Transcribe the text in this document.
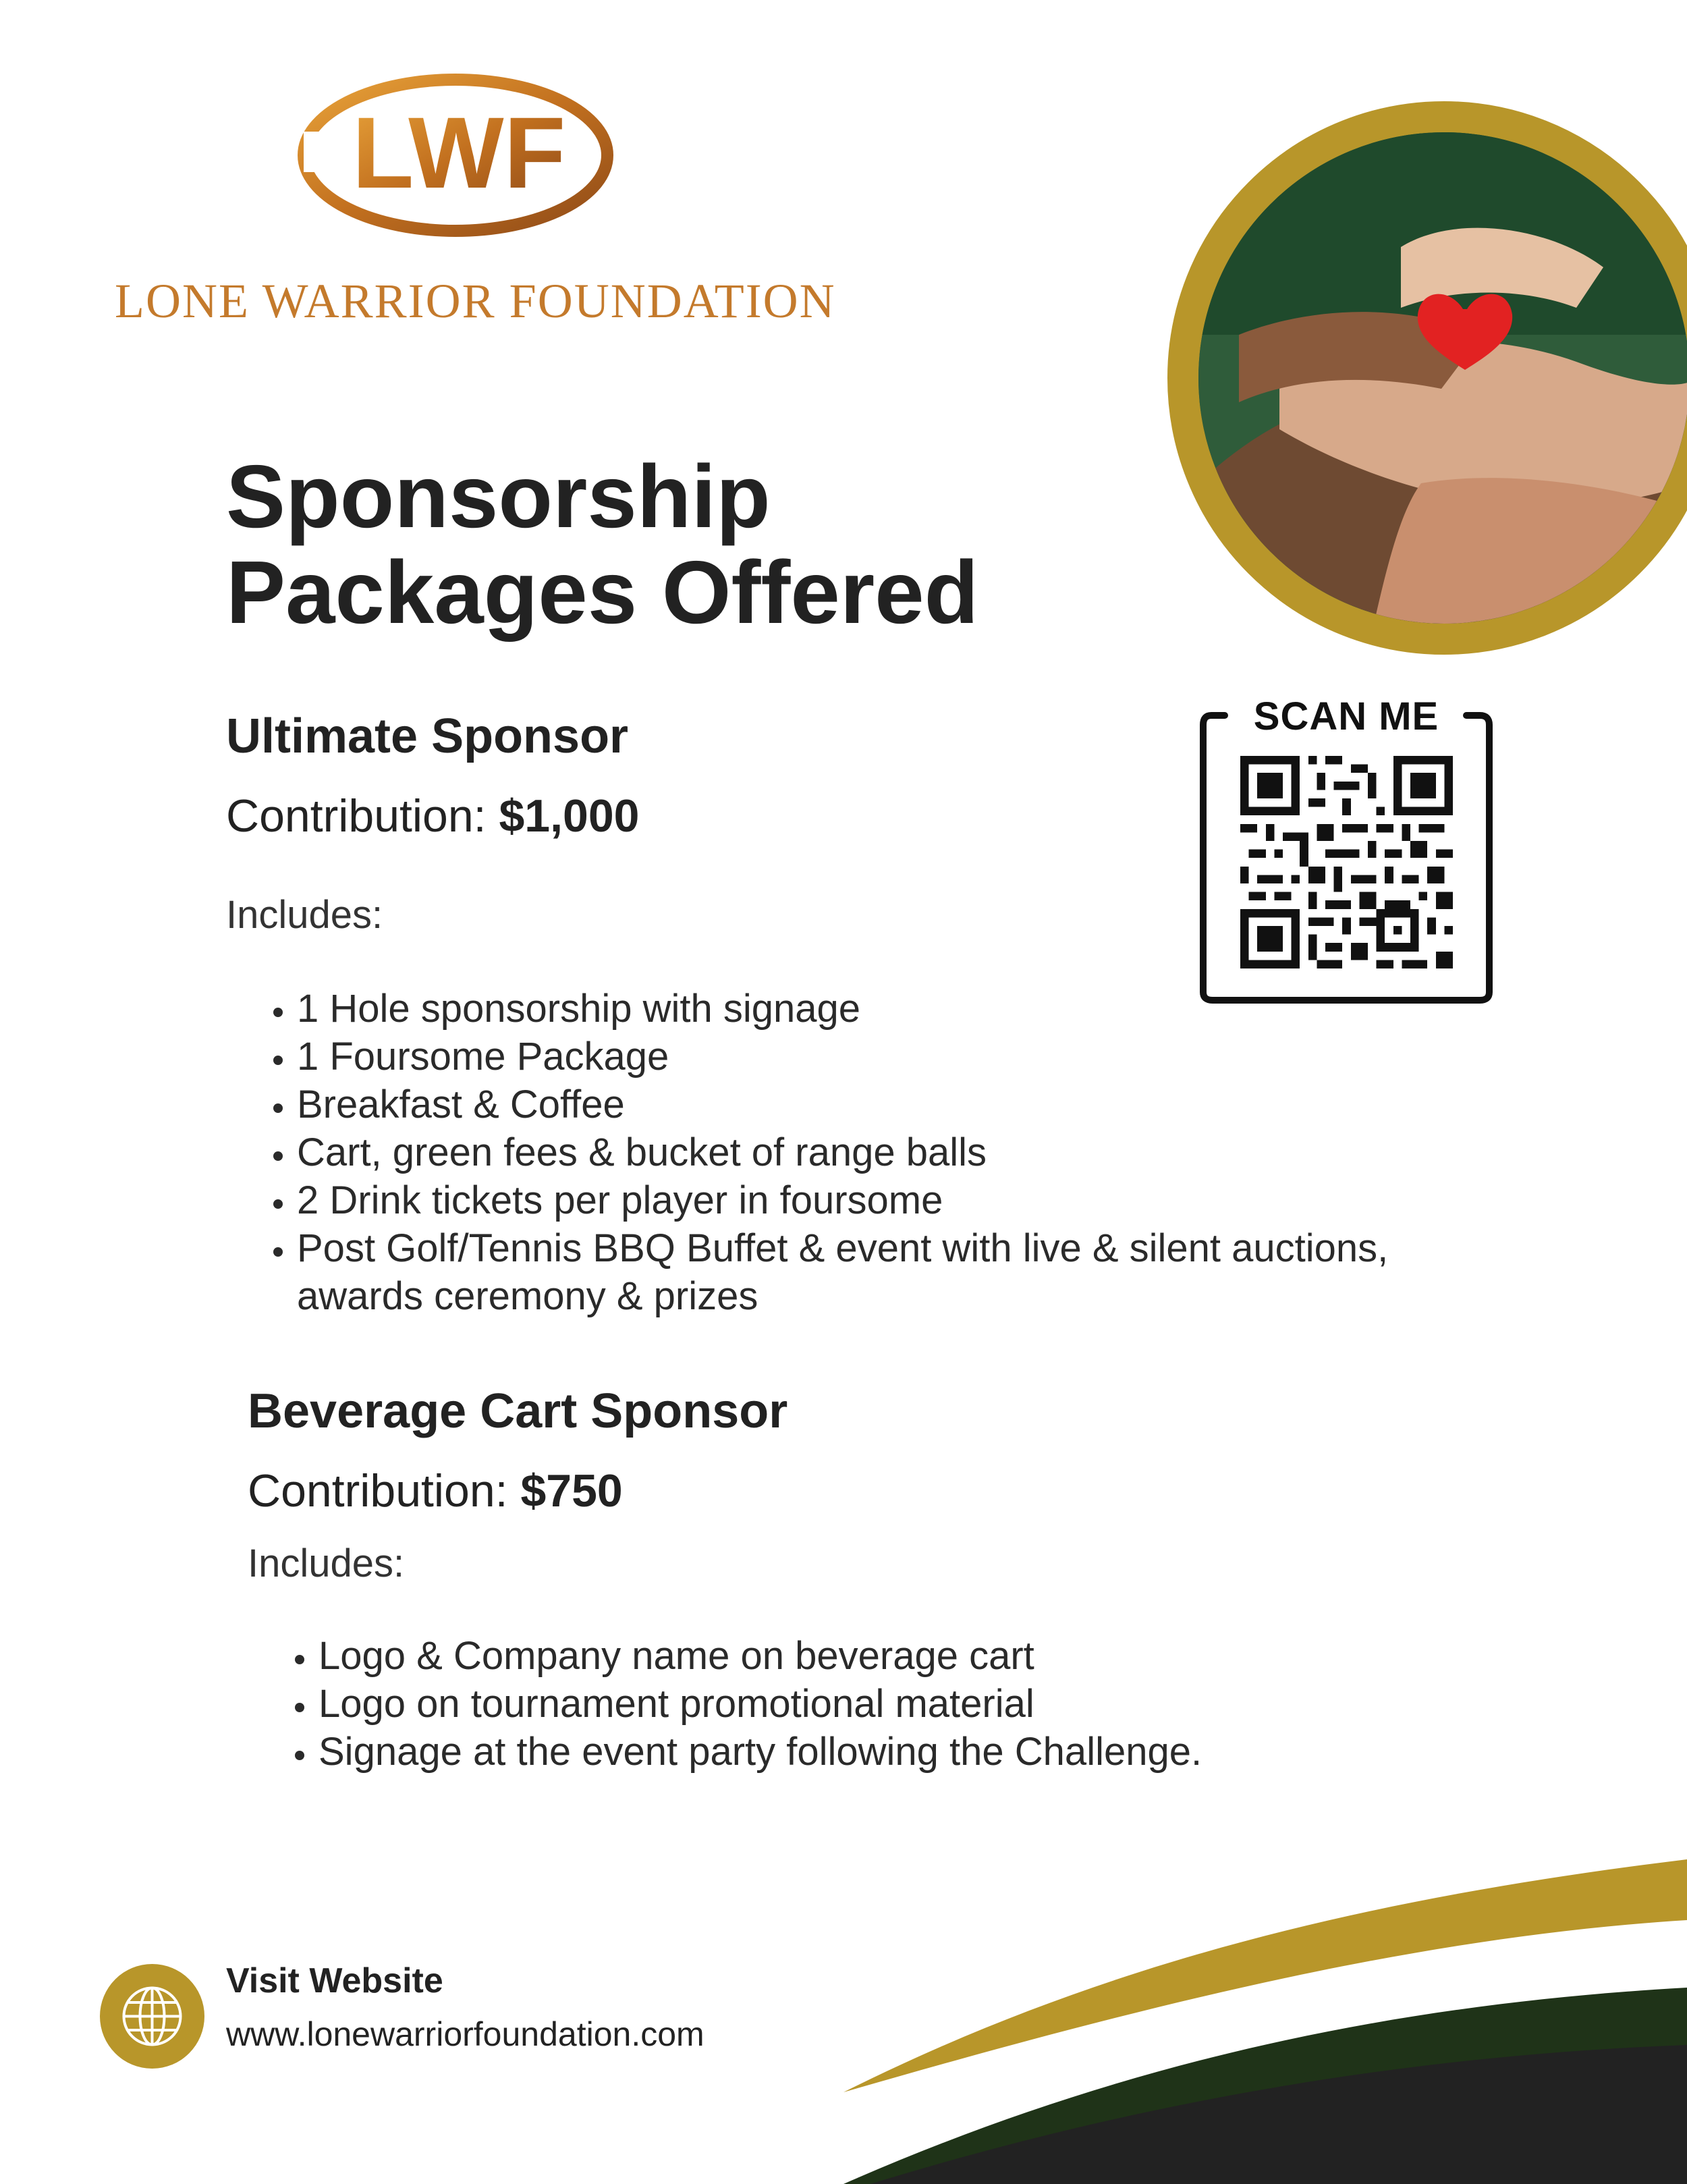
LWF
LONE WARRIOR FOUNDATION
Sponsorship
Packages Offered
SCAN ME
Ultimate Sponsor
Contribution: $1,000
Includes:
• 1 Hole sponsorship with signage
• 1 Foursome Package
• Breakfast & Coffee
• Cart, green fees & bucket of range balls
• 2 Drink tickets per player in foursome
• Post Golf/Tennis BBQ Buffet & event with live & silent auctions, awards ceremony & prizes
Beverage Cart Sponsor
Contribution: $750
Includes:
• Logo & Company name on beverage cart
• Logo on tournament promotional material
• Signage at the event party following the Challenge.
Visit Website
www.lonewarriorfoundation.com
